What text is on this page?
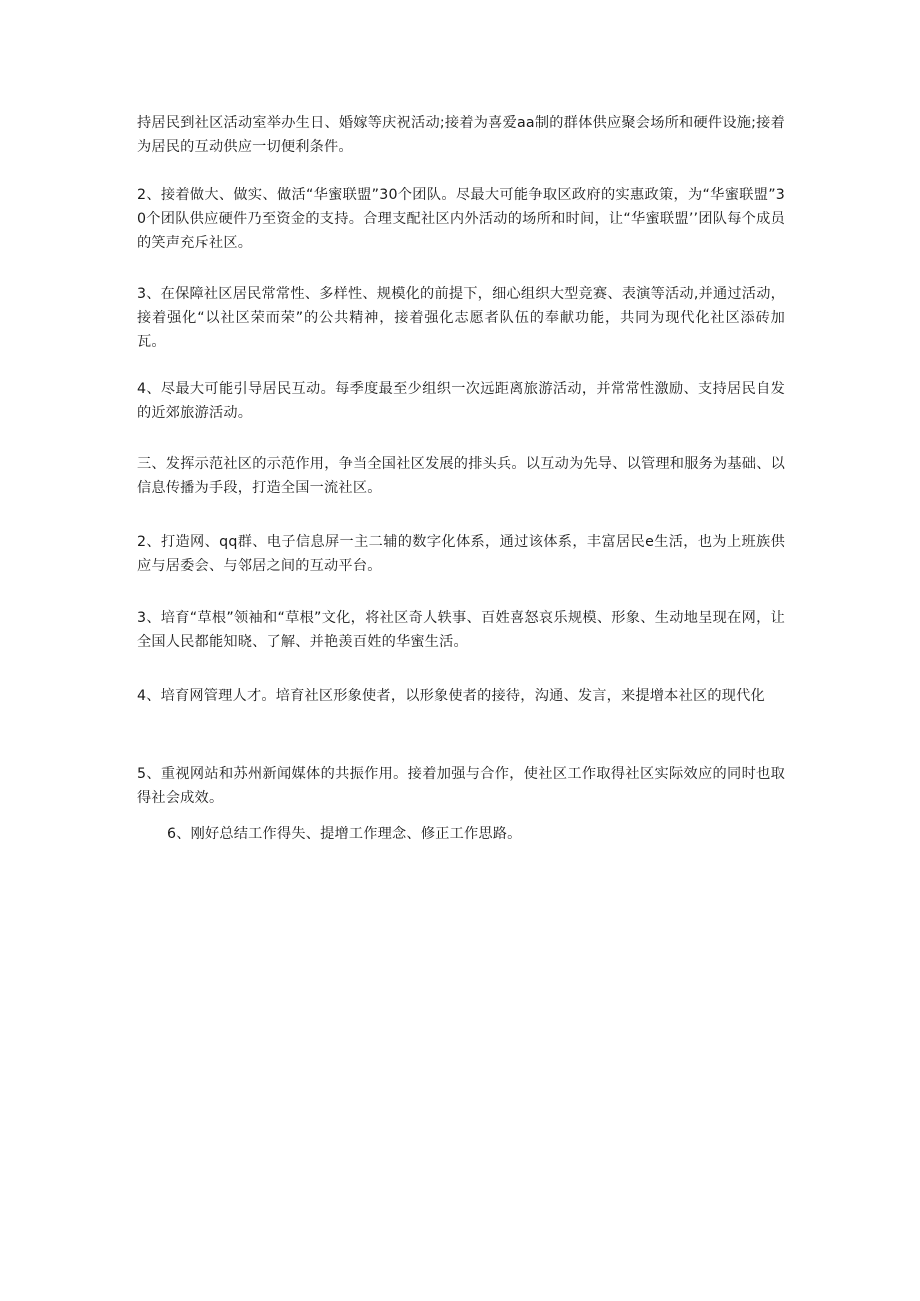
持居民到社区活动室举办生日、婚嫁等庆祝活动;接着为喜爱aa制的群体供应聚会场所和硬件设施;接着为居民的互动供应一切便利条件。

2、接着做大、做实、做活“华蜜联盟”30个团队。尽最大可能争取区政府的实惠政策，为“华蜜联盟”30个团队供应硬件乃至资金的支持。合理支配社区内外活动的场所和时间，让“华蜜联盟’’团队每个成员的笑声充斥社区。

3、在保障社区居民常常性、多样性、规模化的前提下，细心组织大型竞赛、表演等活动,并通过活动，接着强化“以社区荣而荣”的公共精神，接着强化志愿者队伍的奉献功能，共同为现代化社区添砖加瓦。

4、尽最大可能引导居民互动。每季度最至少组织一次远距离旅游活动，并常常性激励、支持居民自发的近郊旅游活动。

三、发挥示范社区的示范作用，争当全国社区发展的排头兵。以互动为先导、以管理和服务为基础、以信息传播为手段，打造全国一流社区。

2、打造网、qq群、电子信息屏一主二辅的数字化体系，通过该体系，丰富居民e生活，也为上班族供应与居委会、与邻居之间的互动平台。

3、培育“草根”领袖和“草根”文化，将社区奇人轶事、百姓喜怒哀乐规模、形象、生动地呈现在网，让全国人民都能知晓、了解、并艳羡百姓的华蜜生活。

4、培育网管理人才。培育社区形象使者，以形象使者的接待，沟通、发言，来提增本社区的现代化

5、重视网站和苏州新闻媒体的共振作用。接着加强与合作，使社区工作取得社区实际效应的同时也取得社会成效。

6、刚好总结工作得失、提增工作理念、修正工作思路。
